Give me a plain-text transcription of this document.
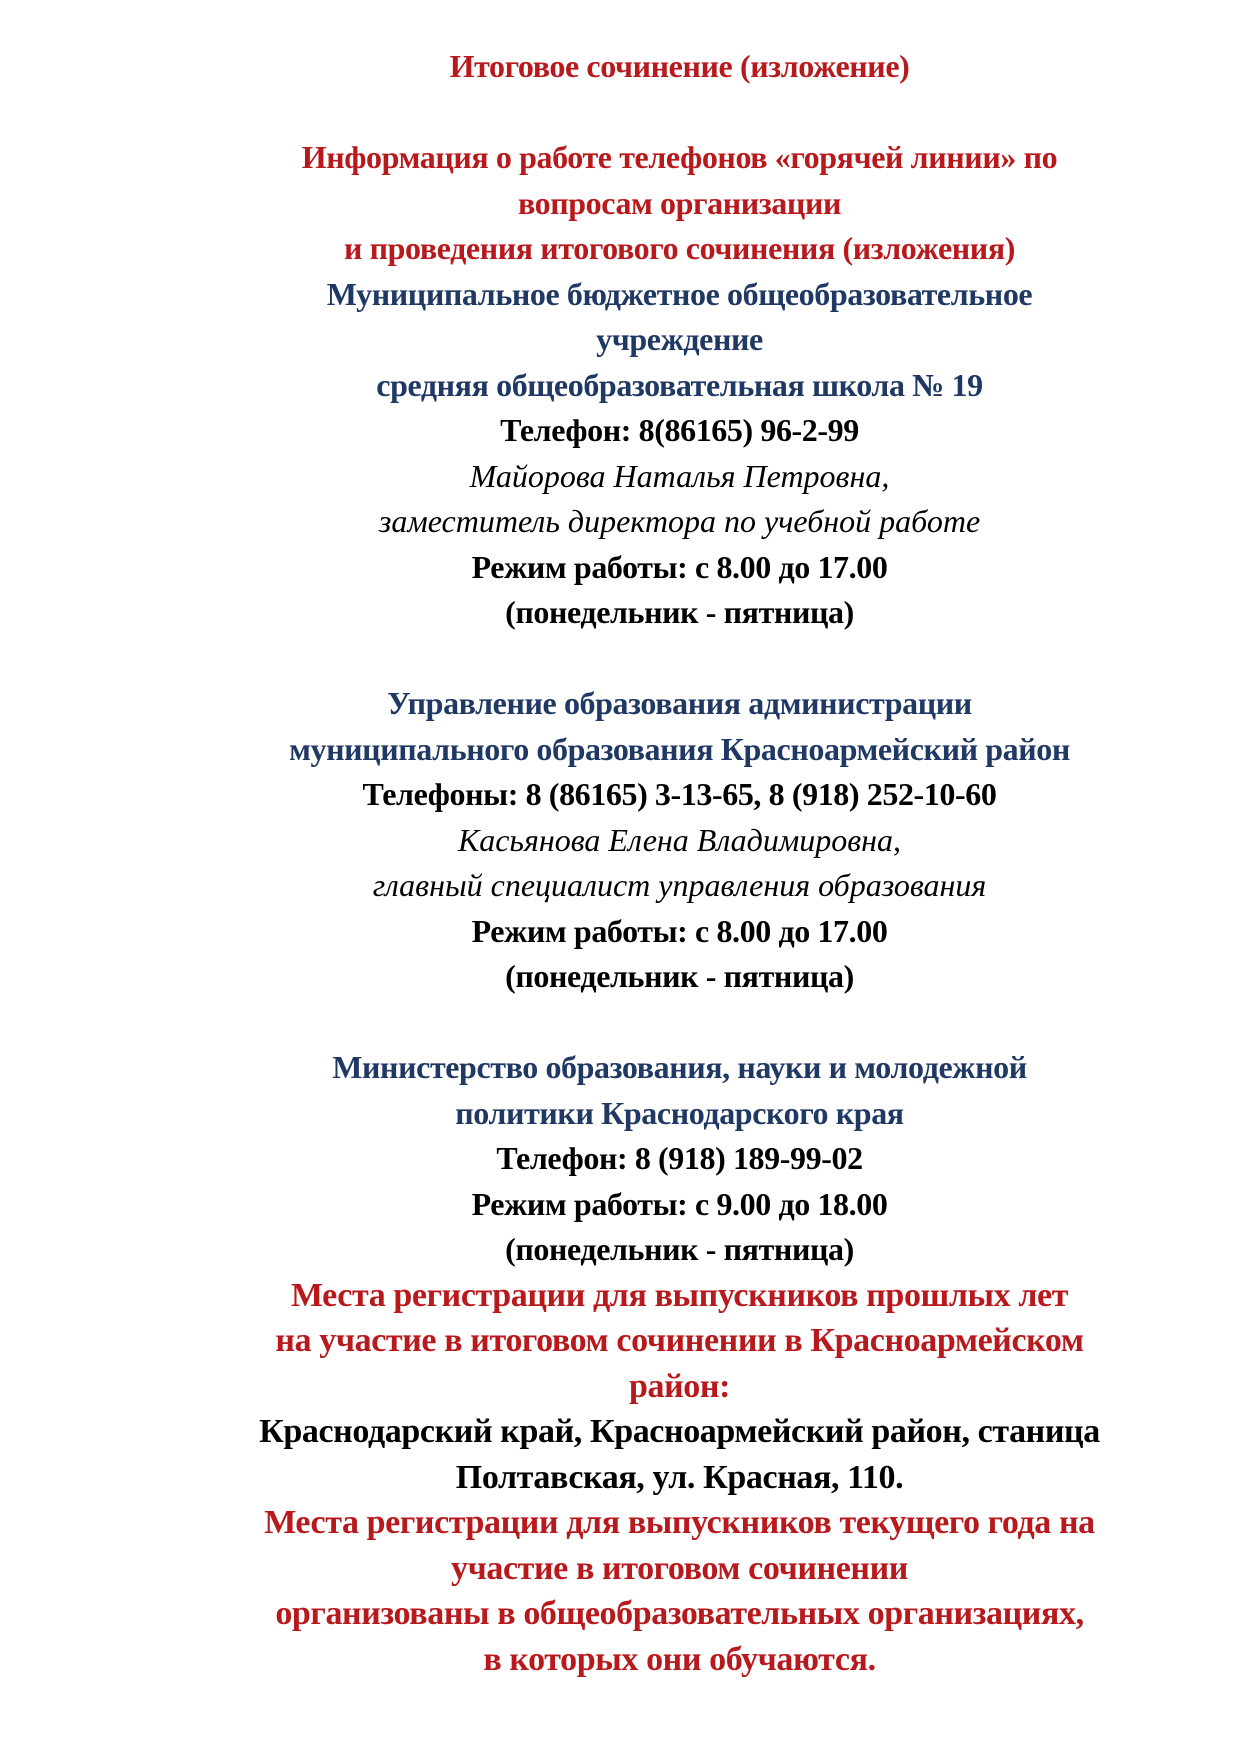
Итоговое сочинение (изложение)
Информация о работе телефонов «горячей линии» по
вопросам организации
и проведения итогового сочинения (изложения)
Муниципальное бюджетное общеобразовательное
учреждение
средняя общеобразовательная школа № 19
Телефон: 8(86165) 96-2-99
Майорова Наталья Петровна,
заместитель директора по учебной работе
Режим работы: с 8.00 до 17.00
(понедельник - пятница)
Управление образования администрации
муниципального образования Красноармейский район
Телефоны: 8 (86165) 3-13-65, 8 (918) 252-10-60
Касьянова Елена Владимировна,
главный специалист управления образования
Режим работы: с 8.00 до 17.00
(понедельник - пятница)
Министерство образования, науки и молодежной
политики Краснодарского края
Телефон: 8 (918) 189-99-02
Режим работы: с 9.00 до 18.00
(понедельник - пятница)
Места регистрации для выпускников прошлых лет
на участие в итоговом сочинении в Красноармейском
район:
Краснодарский край, Красноармейский район, станица
Полтавская, ул. Красная, 110.
Места регистрации для выпускников текущего года на
участие в итоговом сочинении
организованы в общеобразовательных организациях,
в которых они обучаются.
